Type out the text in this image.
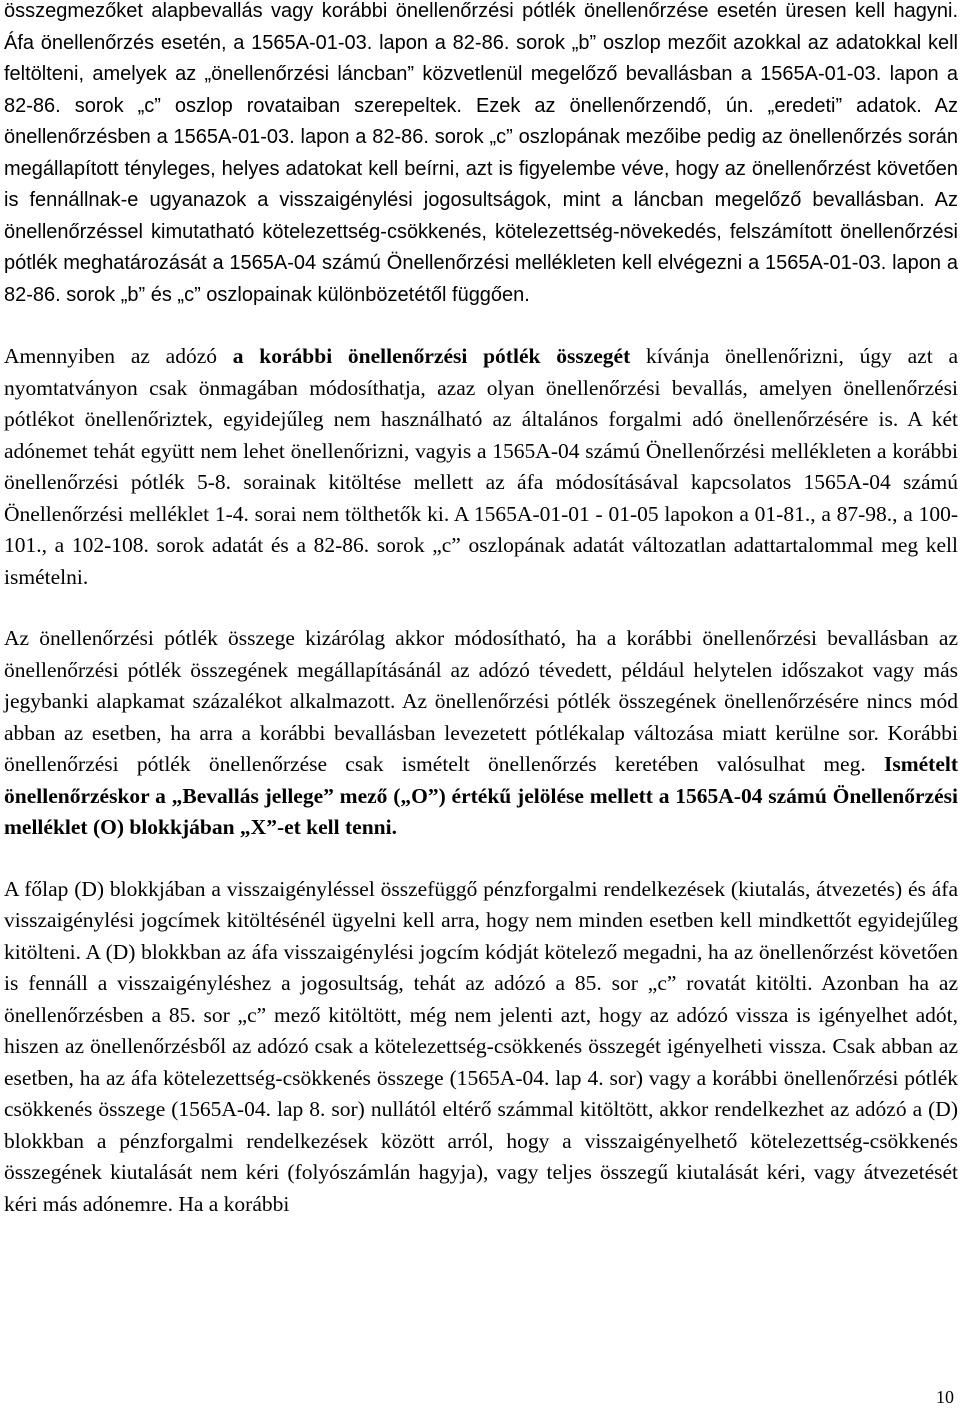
összegmezőket alapbevallás vagy korábbi önellenőrzési pótlék önellenőrzése esetén üresen kell hagyni. Áfa önellenőrzés esetén, a 1565A-01-03. lapon a 82-86. sorok „b” oszlop mezőit azokkal az adatokkal kell feltölteni, amelyek az „önellenőrzési láncban” közvetlenül megelőző bevallásban a 1565A-01-03. lapon a 82-86. sorok „c” oszlop rovataiban szerepeltek. Ezek az önellenőrzendő, ún. „eredeti” adatok. Az önellenőrzésben a 1565A-01-03. lapon a 82-86. sorok „c” oszlopának mezőibe pedig az önellenőrzés során megállapított tényleges, helyes adatokat kell beírni, azt is figyelembe véve, hogy az önellenőrzést követően is fennállnak-e ugyanazok a visszaigénylési jogosultságok, mint a láncban megelőző bevallásban. Az önellenőrzéssel kimutatható kötelezettség-csökkenés, kötelezettség-növekedés, felszámított önellenőrzési pótlék meghatározását a 1565A-04 számú Önellenőrzési mellékleten kell elvégezni a 1565A-01-03. lapon a 82-86. sorok „b” és „c” oszlopainak különbözetétől függően.

Amennyiben az adózó a korábbi önellenőrzési pótlék összegét kívánja önellenőrizni, úgy azt a nyomtatványon csak önmagában módosíthatja, azaz olyan önellenőrzési bevallás, amelyen önellenőrzési pótlékot önellenőriztek, egyidejűleg nem használható az általános forgalmi adó önellenőrzésére is. A két adónemet tehát együtt nem lehet önellenőrizni, vagyis a 1565A-04 számú Önellenőrzési mellékleten a korábbi önellenőrzési pótlék 5-8. sorainak kitöltése mellett az áfa módosításával kapcsolatos 1565A-04 számú Önellenőrzési melléklet 1-4. sorai nem tölthetők ki. A 1565A-01-01 - 01-05 lapokon a 01-81., a 87-98., a 100-101., a 102-108. sorok adatát és a 82-86. sorok „c” oszlopának adatát változatlan adattartalommal meg kell ismételni.

Az önellenőrzési pótlék összege kizárólag akkor módosítható, ha a korábbi önellenőrzési bevallásban az önellenőrzési pótlék összegének megállapításánál az adózó tévedett, például helytelen időszakot vagy más jegybanki alapkamat százalékot alkalmazott. Az önellenőrzési pótlék összegének önellenőrzésére nincs mód abban az esetben, ha arra a korábbi bevallásban levezetett pótlékalap változása miatt kerülne sor. Korábbi önellenőrzési pótlék önellenőrzése csak ismételt önellenőrzés keretében valósulhat meg. Ismételt önellenőrzéskor a „Bevallás jellege” mező („O”) értékű jelölése mellett a 1565A-04 számú Önellenőrzési melléklet (O) blokkjában „X”-et kell tenni.

A főlap (D) blokkjában a visszaigényléssel összefüggő pénzforgalmi rendelkezések (kiutalás, átvezetés) és áfa visszaigénylési jogcímek kitöltésénél ügyelni kell arra, hogy nem minden esetben kell mindkettőt egyidejűleg kitölteni. A (D) blokkban az áfa visszaigénylési jogcím kódját kötelező megadni, ha az önellenőrzést követően is fennáll a visszaigényléshez a jogosultság, tehát az adózó a 85. sor „c” rovatát kitölti. Azonban ha az önellenőrzésben a 85. sor „c” mező kitöltött, még nem jelenti azt, hogy az adózó vissza is igényelhet adót, hiszen az önellenőrzésből az adózó csak a kötelezettség-csökkenés összegét igényelheti vissza. Csak abban az esetben, ha az áfa kötelezettség-csökkenés összege (1565A-04. lap 4. sor) vagy a korábbi önellenőrzési pótlék csökkenés összege (1565A-04. lap 8. sor) nullától eltérő számmal kitöltött, akkor rendelkezhet az adózó a (D) blokkban a pénzforgalmi rendelkezések között arról, hogy a visszaigényelhető kötelezettség-csökkenés összegének kiutalását nem kéri (folyószámlán hagyja), vagy teljes összegű kiutalását kéri, vagy átvezetését kéri más adónemre. Ha a korábbi

10
